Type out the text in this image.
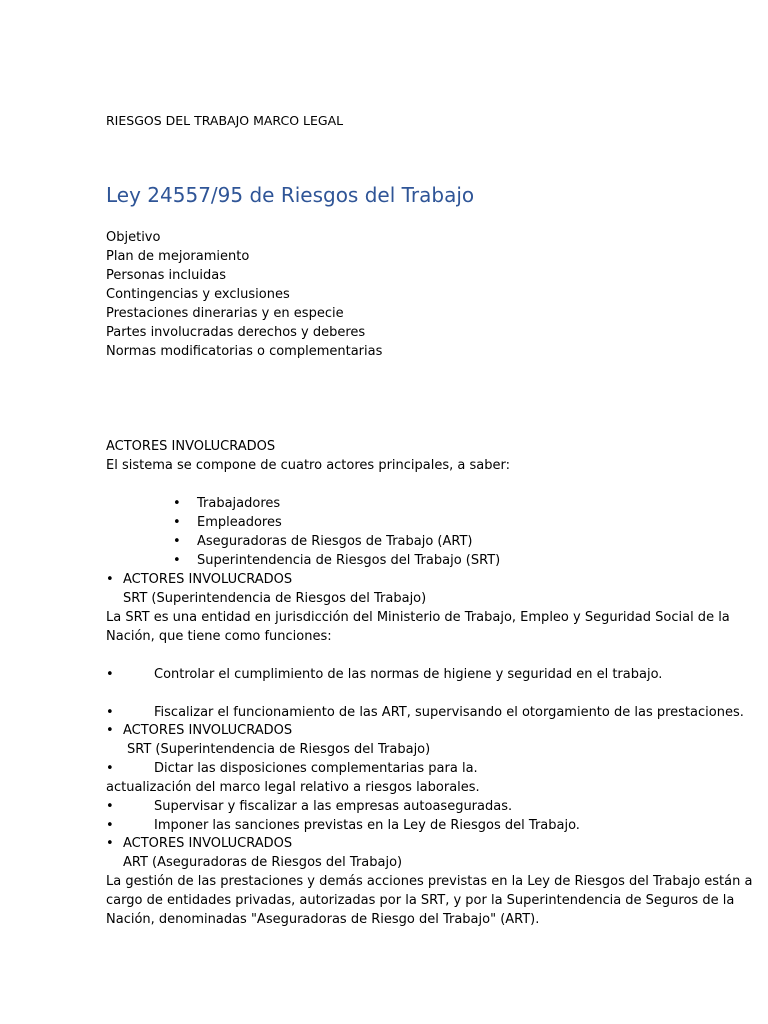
RIESGOS DEL TRABAJO MARCO LEGAL
Ley 24557/95 de Riesgos del Trabajo
Objetivo
Plan de mejoramiento
Personas incluidas
Contingencias y exclusiones
Prestaciones dinerarias y en especie
Partes involucradas derechos y deberes
Normas modificatorias o complementarias
ACTORES INVOLUCRADOS
El sistema se compone de cuatro actores principales, a saber:
• Trabajadores
• Empleadores
• Aseguradoras de Riesgos de Trabajo (ART)
• Superintendencia de Riesgos del Trabajo (SRT)
• ACTORES INVOLUCRADOS
SRT (Superintendencia de Riesgos del Trabajo)
La SRT es una entidad en jurisdicción del Ministerio de Trabajo, Empleo y Seguridad Social de la
Nación, que tiene como funciones:
•	Controlar el cumplimiento de las normas de higiene y seguridad en el trabajo.
•	Fiscalizar el funcionamiento de las ART, supervisando el otorgamiento de las prestaciones.
• ACTORES INVOLUCRADOS
SRT (Superintendencia de Riesgos del Trabajo)
•	Dictar las disposiciones complementarias para la.
actualización del marco legal relativo a riesgos laborales.
•	Supervisar y fiscalizar a las empresas autoaseguradas.
•	Imponer las sanciones previstas en la Ley de Riesgos del Trabajo.
• ACTORES INVOLUCRADOS
ART (Aseguradoras de Riesgos del Trabajo)
La gestión de las prestaciones y demás acciones previstas en la Ley de Riesgos del Trabajo están a
cargo de entidades privadas, autorizadas por la SRT, y por la Superintendencia de Seguros de la
Nación, denominadas "Aseguradoras de Riesgo del Trabajo" (ART).
